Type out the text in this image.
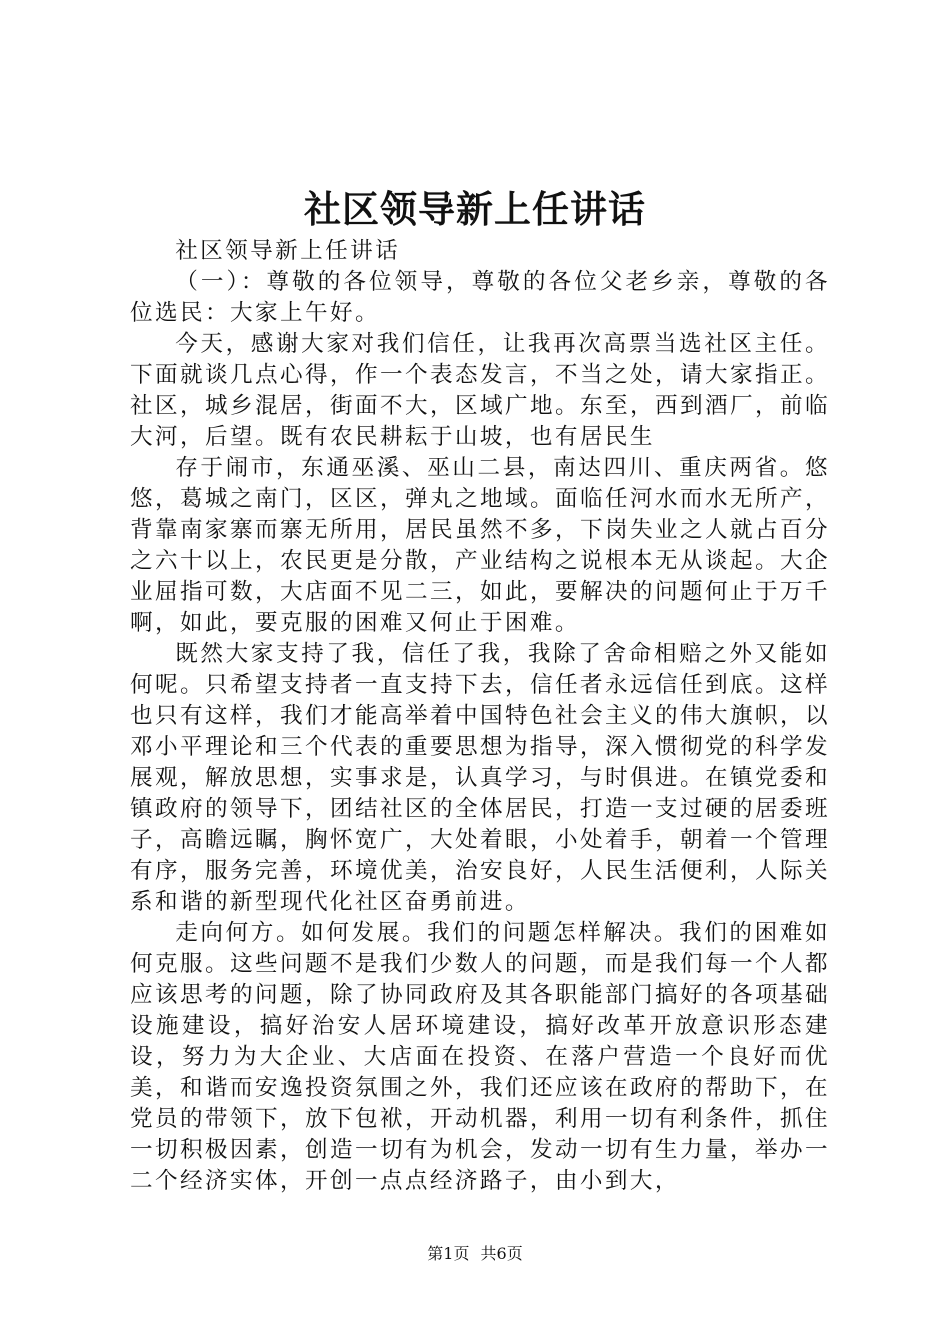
社区领导新上任讲话

社区领导新上任讲话

（一）：尊敬的各位领导，尊敬的各位父老乡亲，尊敬的各位选民：大家上午好。

今天，感谢大家对我们信任，让我再次高票当选社区主任。下面就谈几点心得，作一个表态发言，不当之处，请大家指正。社区，城乡混居，街面不大，区域广地。东至，西到酒厂，前临大河，后望。既有农民耕耘于山坡，也有居民生

存于闹市，东通巫溪、巫山二县，南达四川、重庆两省。悠悠，葛城之南门，区区，弹丸之地域。面临任河水而水无所产，背靠南家寨而寨无所用，居民虽然不多，下岗失业之人就占百分之六十以上，农民更是分散，产业结构之说根本无从谈起。大企业屈指可数，大店面不见二三，如此，要解决的问题何止于万千啊，如此，要克服的困难又何止于困难。

既然大家支持了我，信任了我，我除了舍命相赔之外又能如何呢。只希望支持者一直支持下去，信任者永远信任到底。这样也只有这样，我们才能高举着中国特色社会主义的伟大旗帜，以邓小平理论和三个代表的重要思想为指导，深入惯彻党的科学发展观，解放思想，实事求是，认真学习，与时俱进。在镇党委和镇政府的领导下，团结社区的全体居民，打造一支过硬的居委班子，高瞻远瞩，胸怀宽广，大处着眼，小处着手，朝着一个管理有序，服务完善，环境优美，治安良好，人民生活便利，人际关系和谐的新型现代化社区奋勇前进。

走向何方。如何发展。我们的问题怎样解决。我们的困难如何克服。这些问题不是我们少数人的问题，而是我们每一个人都应该思考的问题，除了协同政府及其各职能部门搞好的各项基础设施建设，搞好治安人居环境建设，搞好改革开放意识形态建设，努力为大企业、大店面在投资、在落户营造一个良好而优美，和谐而安逸投资氛围之外，我们还应该在政府的帮助下，在党员的带领下，放下包袱，开动机器，利用一切有利条件，抓住一切积极因素，创造一切有为机会，发动一切有生力量，举办一二个经济实体，开创一点点经济路子，由小到大，

第1页 共6页
